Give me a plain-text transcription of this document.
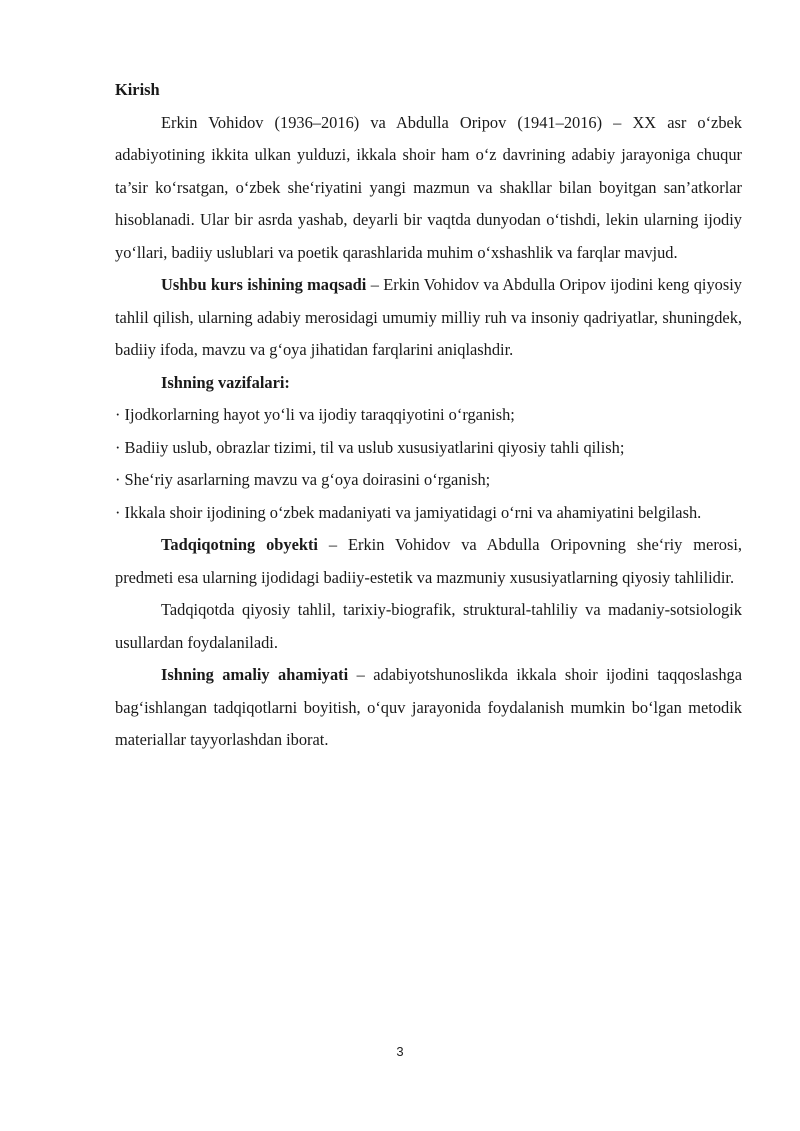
Kirish

Erkin Vohidov (1936–2016) va Abdulla Oripov (1941–2016) – XX asr o‘zbek adabiyotining ikkita ulkan yulduzi, ikkala shoir ham o‘z davrining adabiy jarayoniga chuqur ta’sir ko‘rsatgan, o‘zbek she‘riyatini yangi mazmun va shakllar bilan boyitgan san’atkorlar hisoblanadi. Ular bir asrda yashab, deyarli bir vaqtda dunyodan o‘tishdi, lekin ularning ijodiy yo‘llari, badiiy uslublari va poetik qarashlarida muhim o‘xshashlik va farqlar mavjud.

Ushbu kurs ishining maqsadi – Erkin Vohidov va Abdulla Oripov ijodini keng qiyosiy tahlil qilish, ularning adabiy merosidagi umumiy milliy ruh va insoniy qadriyatlar, shuningdek, badiiy ifoda, mavzu va g‘oya jihatidan farqlarini aniqlashdir.

Ishning vazifalari:

· Ijodkorlarning hayot yo‘li va ijodiy taraqqiyotini o‘rganish;
· Badiiy uslub, obrazlar tizimi, til va uslub xususiyatlarini qiyosiy tahli qilish;
· She‘riy asarlarning mavzu va g‘oya doirasini o‘rganish;
· Ikkala shoir ijodining o‘zbek madaniyati va jamiyatidagi o‘rni va ahamiyatini belgilash.

Tadqiqotning obyekti – Erkin Vohidov va Abdulla Oripovning she‘riy merosi, predmeti esa ularning ijodidagi badiiy-estetik va mazmuniy xususiyatlarning qiyosiy tahlilidir.

Tadqiqotda qiyosiy tahlil, tarixiy-biografik, struktural-tahliliy va madaniy-sotsiologik usullardan foydalaniladi.

Ishning amaliy ahamiyati – adabiyotshunoslikda ikkala shoir ijodini taqqoslashga bag‘ishlangan tadqiqotlarni boyitish, o‘quv jarayonida foydalanish mumkin bo‘lgan metodik materiallar tayyorlashdan iborat.

3
